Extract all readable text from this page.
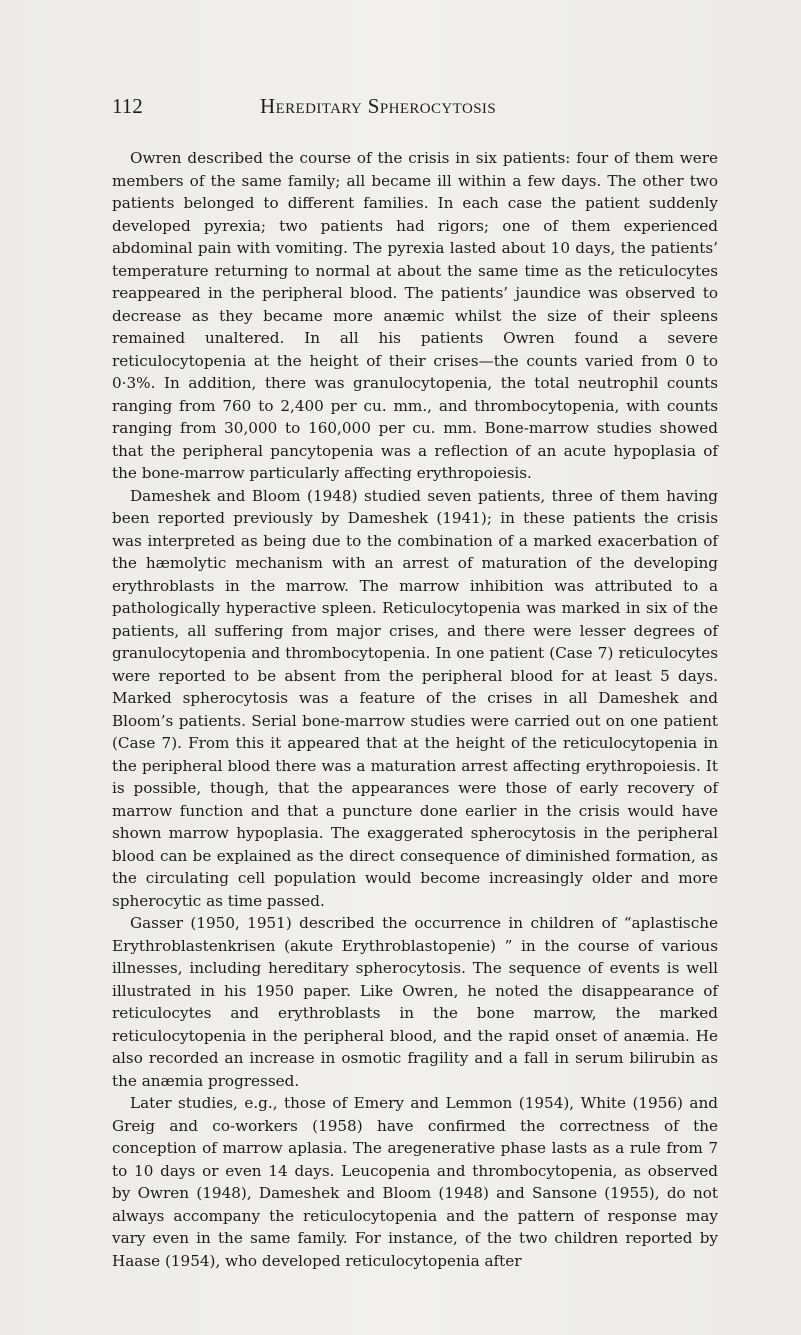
112	Hereditary Spherocytosis

Owren described the course of the crisis in six patients: four of them were members of the same family; all became ill within a few days. The other two patients belonged to different families. In each case the patient suddenly developed pyrexia; two patients had rigors; one of them experienced abdominal pain with vomiting. The pyrexia lasted about 10 days, the patients’ temperature returning to normal at about the same time as the reticulocytes reappeared in the peripheral blood. The patients’ jaundice was observed to decrease as they became more anæmic whilst the size of their spleens remained unaltered. In all his patients Owren found a severe reticulocytopenia at the height of their crises—the counts varied from 0 to 0·3%. In addition, there was granulocytopenia, the total neutrophil counts ranging from 760 to 2,400 per cu. mm., and thrombocytopenia, with counts ranging from 30,000 to 160,000 per cu. mm. Bone-marrow studies showed that the peripheral pancytopenia was a reflection of an acute hypoplasia of the bone-marrow particularly affecting erythropoiesis.

Dameshek and Bloom (1948) studied seven patients, three of them having been reported previously by Dameshek (1941); in these patients the crisis was interpreted as being due to the combination of a marked exacerbation of the hæmolytic mechanism with an arrest of maturation of the developing erythroblasts in the marrow. The marrow inhibition was attributed to a pathologically hyperactive spleen. Reticulocytopenia was marked in six of the patients, all suffering from major crises, and there were lesser degrees of granulocytopenia and thrombocytopenia. In one patient (Case 7) reticulocytes were reported to be absent from the peripheral blood for at least 5 days. Marked spherocytosis was a feature of the crises in all Dameshek and Bloom’s patients. Serial bone-marrow studies were carried out on one patient (Case 7). From this it appeared that at the height of the reticulocytopenia in the peripheral blood there was a maturation arrest affecting erythropoiesis. It is possible, though, that the appearances were those of early recovery of marrow function and that a puncture done earlier in the crisis would have shown marrow hypoplasia. The exaggerated spherocytosis in the peripheral blood can be explained as the direct consequence of diminished formation, as the circulating cell population would become increasingly older and more spherocytic as time passed.

Gasser (1950, 1951) described the occurrence in children of “aplastische Erythroblastenkrisen (akute Erythroblastopenie) ” in the course of various illnesses, including hereditary spherocytosis. The sequence of events is well illustrated in his 1950 paper. Like Owren, he noted the disappearance of reticulocytes and erythroblasts in the bone marrow, the marked reticulocytopenia in the peripheral blood, and the rapid onset of anæmia. He also recorded an increase in osmotic fragility and a fall in serum bilirubin as the anæmia progressed.

Later studies, e.g., those of Emery and Lemmon (1954), White (1956) and Greig and co-workers (1958) have confirmed the correctness of the conception of marrow aplasia. The aregenerative phase lasts as a rule from 7 to 10 days or even 14 days. Leucopenia and thrombocytopenia, as observed by Owren (1948), Dameshek and Bloom (1948) and Sansone (1955), do not always accompany the reticulocytopenia and the pattern of response may vary even in the same family. For instance, of the two children reported by Haase (1954), who developed reticulocytopenia after
